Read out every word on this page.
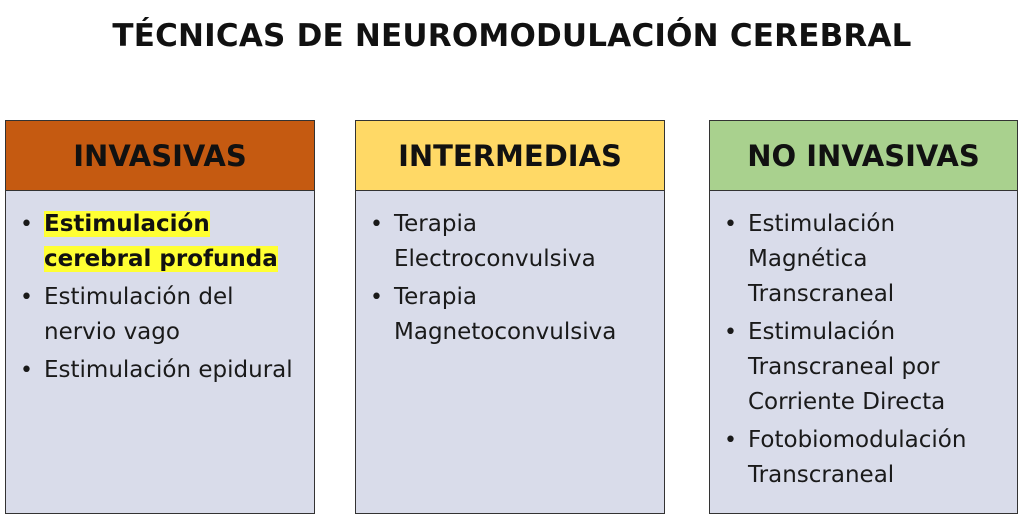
TÉCNICAS DE NEUROMODULACIÓN CEREBRAL
INVASIVAS
• Estimulación cerebral profunda
• Estimulación del nervio vago
• Estimulación epidural
INTERMEDIAS
• Terapia Electroconvulsiva
• Terapia Magnetoconvulsiva
NO INVASIVAS
• Estimulación Magnética Transcraneal
• Estimulación Transcraneal por Corriente Directa
• Fotobiomodulación Transcraneal
